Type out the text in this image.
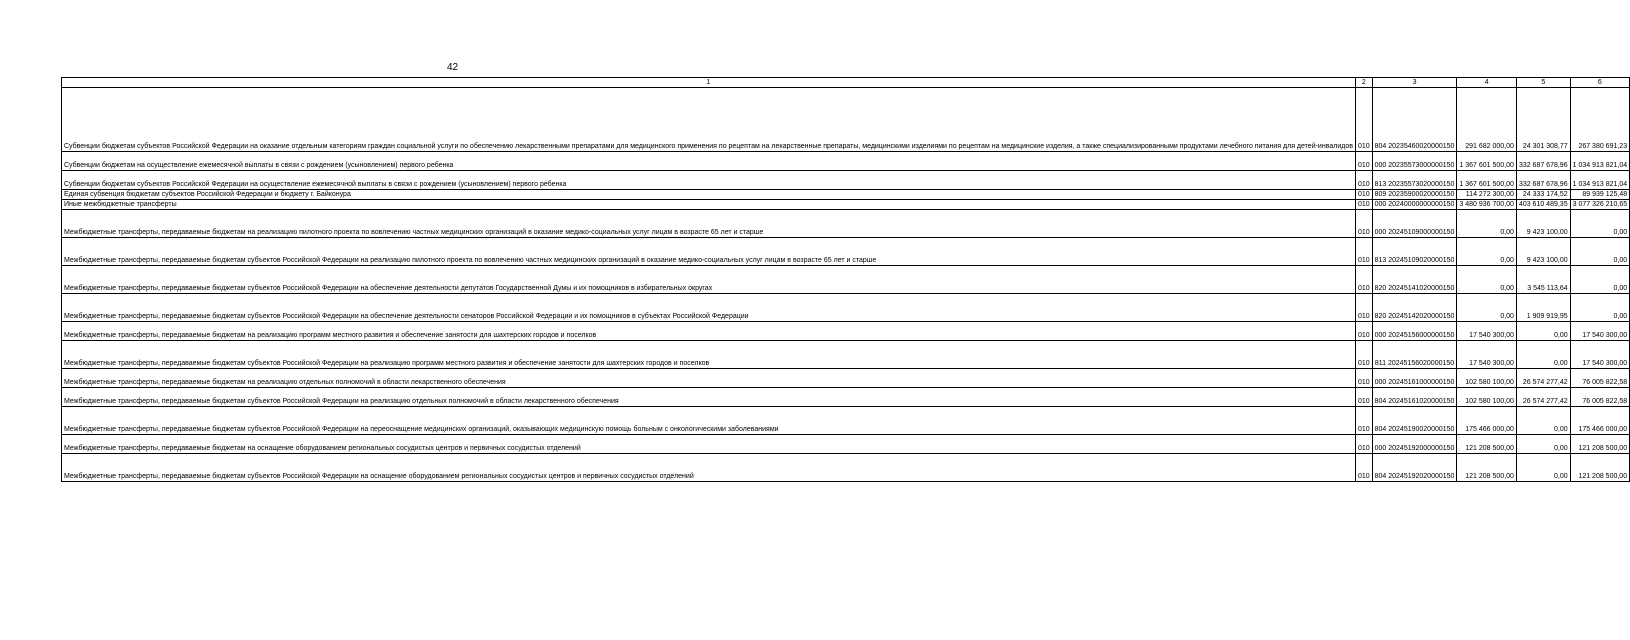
42
1	2	3	4	5	6
Субвенции бюджетам субъектов Российской Федерации на оказание отдельным категориям граждан социальной услуги по обеспечению лекарственными препаратами для медицинского применения по рецептам на лекарственные препараты, медицинскими изделиями по рецептам на медицинские изделия, а также специализированными продуктами лечебного питания для детей-инвалидов	010	804 20235460020000150	291 682 000,00	24 301 308,77	267 380 691,23
Субвенции бюджетам на осуществление ежемесячной выплаты в связи с рождением (усыновлением) первого ребенка	010	000 20235573000000150	1 367 601 500,00	332 687 678,96	1 034 913 821,04
Субвенции бюджетам субъектов Российской Федерации на осуществление ежемесячной выплаты в связи с рождением (усыновлением) первого ребенка	010	813 20235573020000150	1 367 601 500,00	332 687 678,96	1 034 913 821,04
Единая субвенция бюджетам субъектов Российской Федерации и бюджету г. Байконура	010	809 20235900020000150	114 272 300,00	24 333 174,52	89 939 125,48
Иные межбюджетные трансферты	010	000 20240000000000150	3 480 936 700,00	403 610 489,35	3 077 326 210,65
Межбюджетные трансферты, передаваемые бюджетам на реализацию пилотного проекта по вовлечению частных медицинских организаций в оказание медико-социальных услуг лицам в возрасте 65 лет и старше	010	000 20245109000000150	0,00	9 423 100,00	0,00
Межбюджетные трансферты, передаваемые бюджетам субъектов Российской Федерации на реализацию пилотного проекта по вовлечению частных медицинских организаций в оказание медико-социальных услуг лицам в возрасте 65 лет и старше	010	813 20245109020000150	0,00	9 423 100,00	0,00
Межбюджетные трансферты, передаваемые бюджетам субъектов Российской Федерации на обеспечение деятельности депутатов Государственной Думы и их помощников в избирательных округах	010	820 20245141020000150	0,00	3 545 113,64	0,00
Межбюджетные трансферты, передаваемые бюджетам субъектов Российской Федерации на обеспечение деятельности сенаторов Российской Федерации и их помощников в субъектах Российской Федерации	010	820 20245142020000150	0,00	1 909 919,95	0,00
Межбюджетные трансферты, передаваемые бюджетам на реализацию программ местного развития и обеспечение занятости для шахтерских городов и поселков	010	000 20245156000000150	17 540 300,00	0,00	17 540 300,00
Межбюджетные трансферты, передаваемые бюджетам субъектов Российской Федерации на реализацию программ местного развития и обеспечение занятости для шахтерских городов и поселков	010	811 20245156020000150	17 540 300,00	0,00	17 540 300,00
Межбюджетные трансферты, передаваемые бюджетам на реализацию отдельных полномочий в области лекарственного обеспечения	010	000 20245161000000150	102 580 100,00	26 574 277,42	76 005 822,58
Межбюджетные трансферты, передаваемые бюджетам субъектов Российской Федерации на реализацию отдельных полномочий в области лекарственного обеспечения	010	804 20245161020000150	102 580 100,00	26 574 277,42	76 005 822,58
Межбюджетные трансферты, передаваемые бюджетам субъектов Российской Федерации на переоснащение медицинских организаций, оказывающих медицинскую помощь больным с онкологическими заболеваниями	010	804 20245190020000150	175 466 000,00	0,00	175 466 000,00
Межбюджетные трансферты, передаваемые бюджетам на оснащение оборудованием региональных сосудистых центров и первичных сосудистых отделений	010	000 20245192000000150	121 208 500,00	0,00	121 208 500,00
Межбюджетные трансферты, передаваемые бюджетам субъектов Российской Федерации на оснащение оборудованием региональных сосудистых центров и первичных сосудистых отделений	010	804 20245192020000150	121 208 500,00	0,00	121 208 500,00
